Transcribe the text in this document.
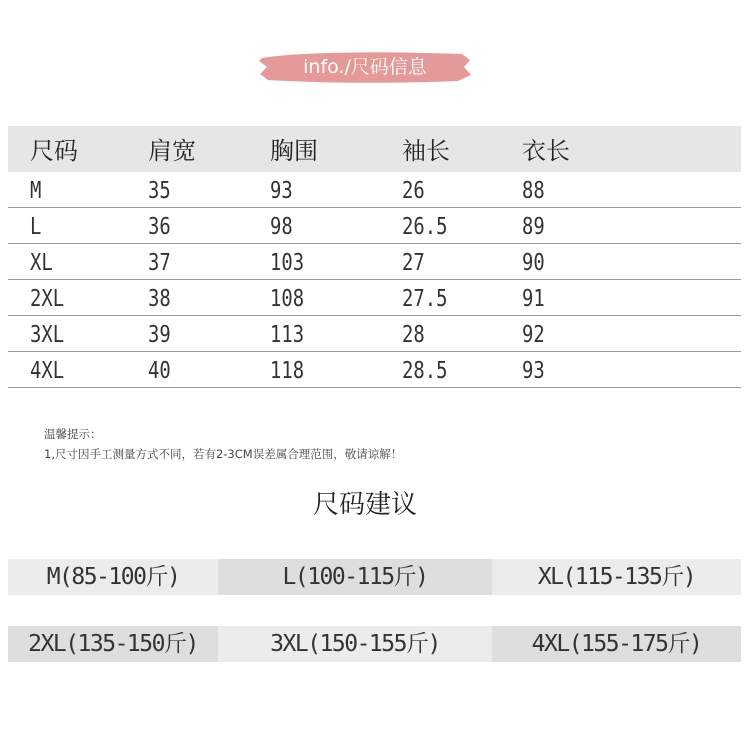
info./尺码信息
尺码	肩宽	胸围	袖长	衣长
M	35	93	26	88
L	36	98	26.5	89
XL	37	103	27	90
2XL	38	108	27.5	91
3XL	39	113	28	92
4XL	40	118	28.5	93
温馨提示：
1,尺寸因手工测量方式不同，若有2-3CM误差属合理范围，敬请谅解！
尺码建议
M(85-100斤)	L(100-115斤)	XL(115-135斤)
2XL(135-150斤)	3XL(150-155斤)	4XL(155-175斤)
